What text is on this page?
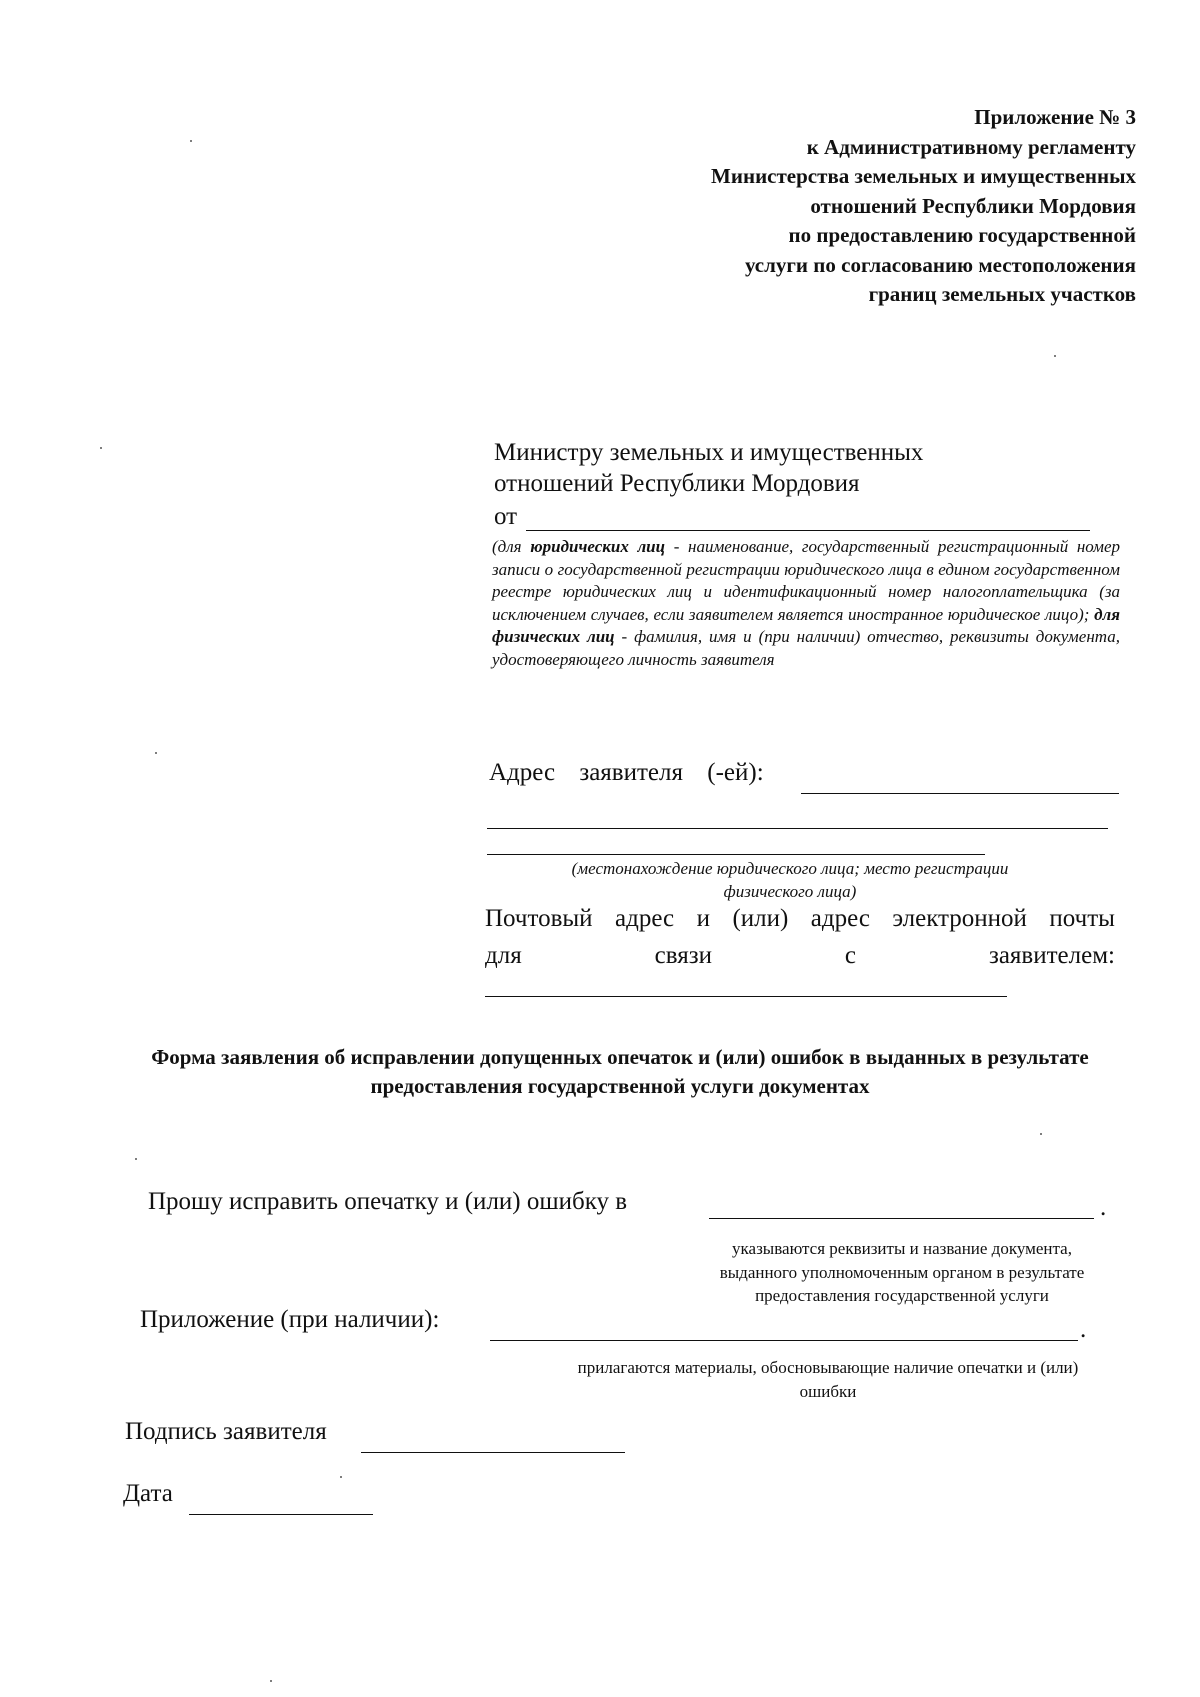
Приложение № 3
к Административному регламенту
Министерства земельных и имущественных
отношений Республики Мордовия
по предоставлению государственной
услуги по согласованию местоположения
границ земельных участков
Министру земельных и имущественных
отношений Республики Мордовия
от
(для юридических лиц - наименование, государственный регистрационный номер записи о государственной регистрации юридического лица в едином государственном реестре юридических лиц и идентификационный номер налогоплательщика (за исключением случаев, если заявителем является иностранное юридическое лицо); для физических лиц - фамилия, имя и (при наличии) отчество, реквизиты документа, удостоверяющего личность заявителя
Адрес заявителя (-ей):
(местонахождение юридического лица; место регистрации физического лица)
Почтовый адрес и (или) адрес электронной почты
для	связи	с	заявителем:
Форма заявления об исправлении допущенных опечаток и (или) ошибок в выданных в результате предоставления государственной услуги документах
Прошу исправить опечатку и (или) ошибку в	.
указываются реквизиты и название документа, выданного уполномоченным органом в результате предоставления государственной услуги
Приложение (при наличии):	.
прилагаются материалы, обосновывающие наличие опечатки и (или) ошибки
Подпись заявителя
Дата
